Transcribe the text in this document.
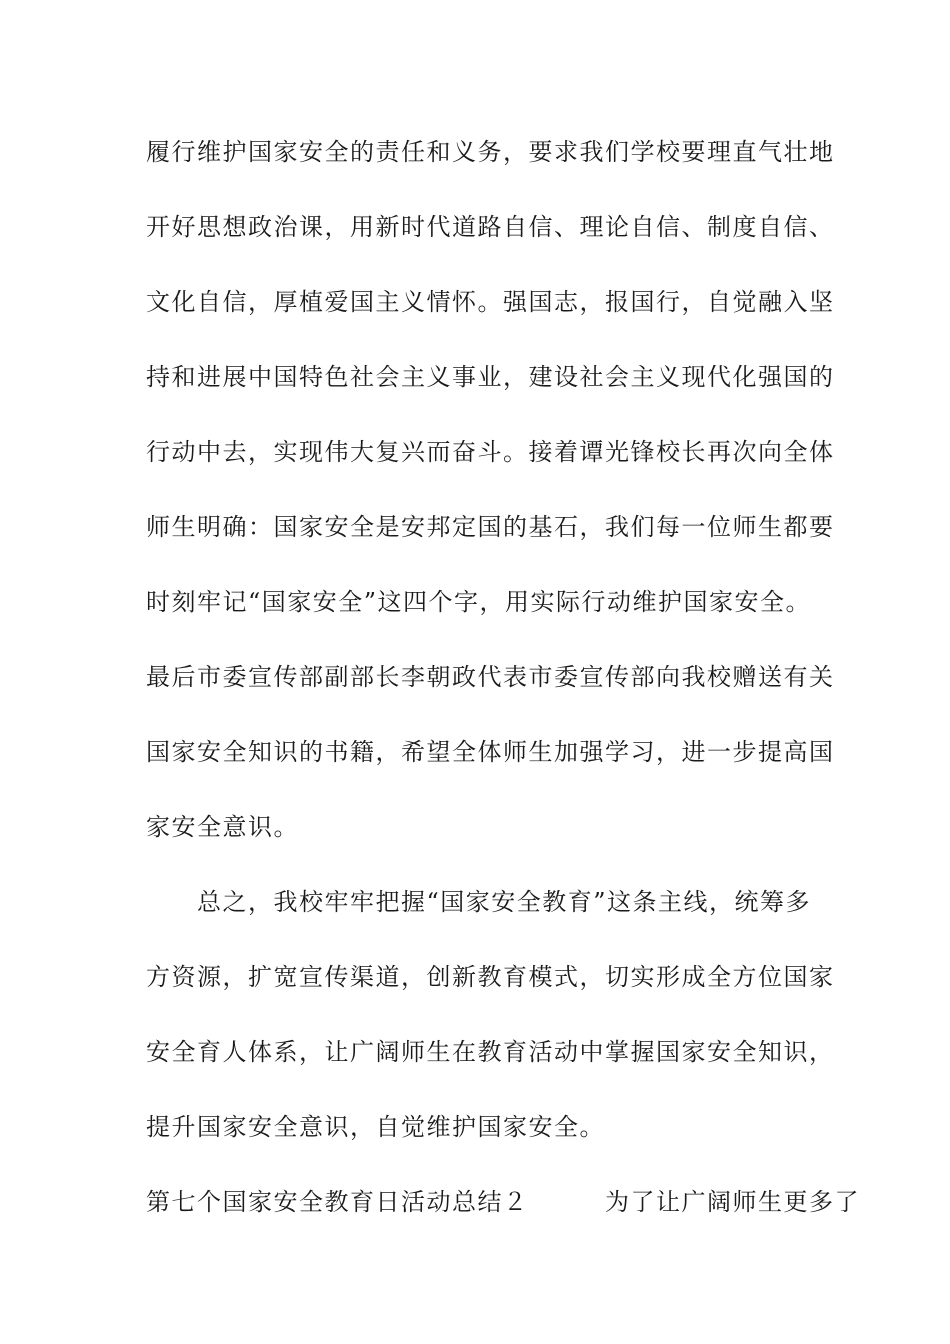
履行维护国家安全的责任和义务，要求我们学校要理直气壮地
开好思想政治课，用新时代道路自信、理论自信、制度自信、
文化自信，厚植爱国主义情怀。强国志，报国行，自觉融入坚
持和进展中国特色社会主义事业，建设社会主义现代化强国的
行动中去，实现伟大复兴而奋斗。接着谭光锋校长再次向全体
师生明确：国家安全是安邦定国的基石，我们每一位师生都要
时刻牢记“国家安全”这四个字，用实际行动维护国家安全。
最后市委宣传部副部长李朝政代表市委宣传部向我校赠送有关
国家安全知识的书籍，希望全体师生加强学习，进一步提高国
家安全意识。
　　总之，我校牢牢把握“国家安全教育”这条主线，统筹多
方资源，扩宽宣传渠道，创新教育模式，切实形成全方位国家
安全育人体系，让广阔师生在教育活动中掌握国家安全知识，
提升国家安全意识，自觉维护国家安全。
第七个国家安全教育日活动总结２　　　为了让广阔师生更多了
